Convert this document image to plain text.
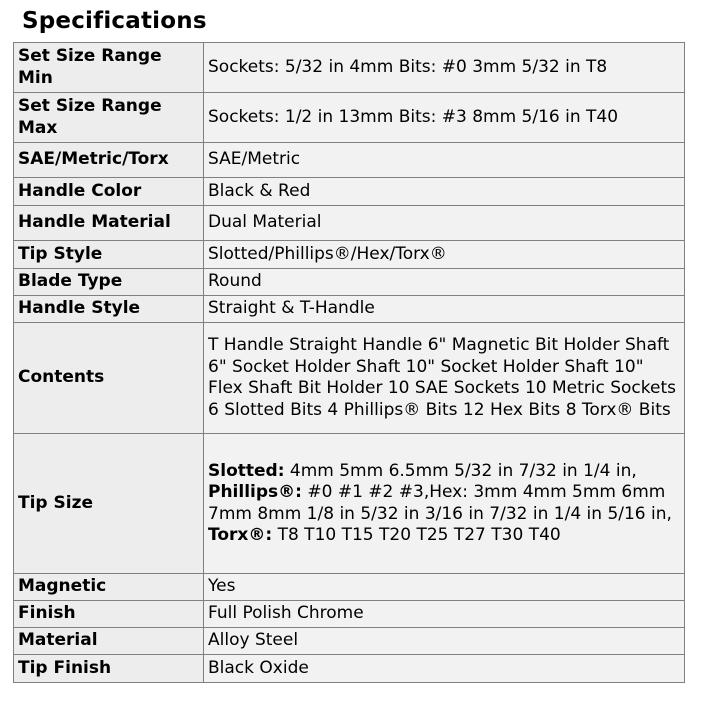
Specifications
Set Size Range Min	Sockets: 5/32 in 4mm Bits: #0 3mm 5/32 in T8
Set Size Range Max	Sockets: 1/2 in 13mm Bits: #3 8mm 5/16 in T40
SAE/Metric/Torx	SAE/Metric
Handle Color	Black & Red
Handle Material	Dual Material
Tip Style	Slotted/Phillips®/Hex/Torx®
Blade Type	Round
Handle Style	Straight & T-Handle
Contents	T Handle Straight Handle 6" Magnetic Bit Holder Shaft 6" Socket Holder Shaft 10" Socket Holder Shaft 10" Flex Shaft Bit Holder 10 SAE Sockets 10 Metric Sockets 6 Slotted Bits 4 Phillips® Bits 12 Hex Bits 8 Torx® Bits
Tip Size	Slotted: 4mm 5mm 6.5mm 5/32 in 7/32 in 1/4 in,
Phillips®: #0 #1 #2 #3,Hex: 3mm 4mm 5mm 6mm 7mm 8mm 1/8 in 5/32 in 3/16 in 7/32 in 1/4 in 5/16 in,
Torx®: T8 T10 T15 T20 T25 T27 T30 T40
Magnetic	Yes
Finish	Full Polish Chrome
Material	Alloy Steel
Tip Finish	Black Oxide
